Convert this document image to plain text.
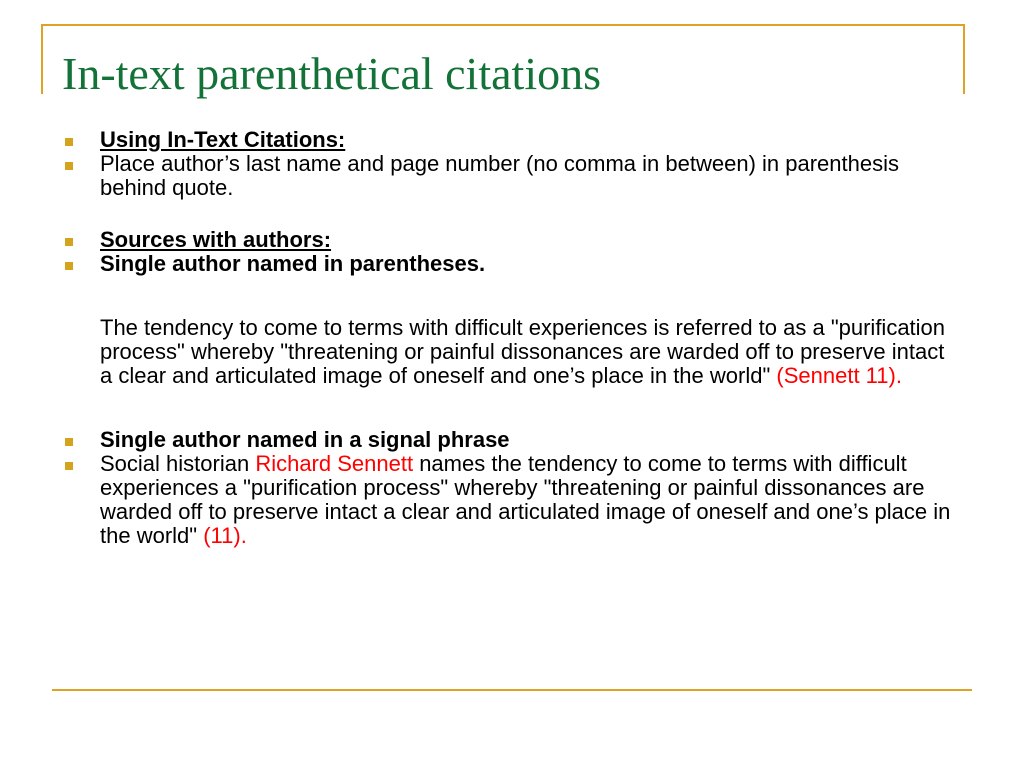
In-text parenthetical citations
Using In-Text Citations:
Place author’s last name and page number (no comma in between) in parenthesis behind quote.
Sources with authors:
Single author named in parentheses.
The tendency to come to terms with difficult experiences is referred to as a "purification process" whereby "threatening or painful dissonances are warded off to preserve intact a clear and articulated image of oneself and one’s place in the world" (Sennett 11).
Single author named in a signal phrase
Social historian Richard Sennett names the tendency to come to terms with difficult experiences a "purification process" whereby "threatening or painful dissonances are warded off to preserve intact a clear and articulated image of oneself and one’s place in the world" (11).
